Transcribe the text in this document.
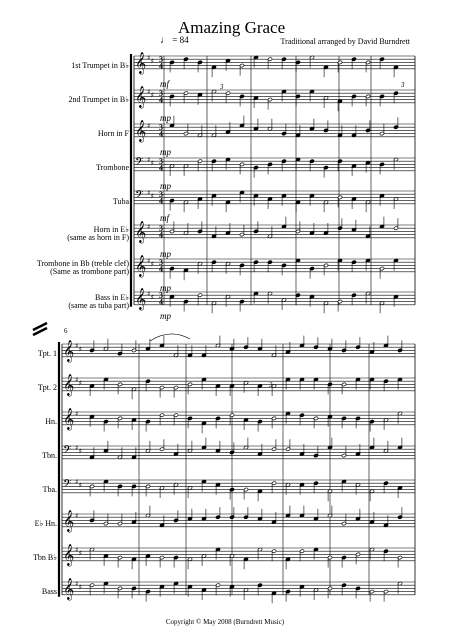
𝄞 ♯ ♯ 3
4
𝄞 ♯ ♯ 3
4
𝄞 ♯ 3
4
𝄢 ♯ ♯ 3
4
𝄢 ♯ ♯ 3
4
𝄞 ♯ 3
4
𝄞 ♯ ♯ 3
4
𝄞 ♯ ♯ 3
4
𝄞 ♯ ♯
𝄞 ♯ ♯
𝄞 ♯
𝄢 ♯ ♯
𝄢 ♯ ♯
𝄞 ♯
𝄞 ♯ ♯
𝄞 ♯ ♯
Amazing Grace
♩ = 84	Traditional arranged by David Burndrett
1st Trumpet in B♭
2nd Trumpet in B♭
Horn in F
Trombone
Tuba
Horn in E♭
(same as horn in F)
Trombone in Bb (treble clef)
(Same as trombone part)
Bass in E♭
(same as tuba part)
mf
mp
mp
mp
mf
mp
mp
mp
3	3
3
6
Tpt. 1
Tpt. 2
Hn.
Tbn.
Tba.
E♭ Hn.
Tbn B♭
Bass
Copyright © May 2008 (Burndrett Music)
